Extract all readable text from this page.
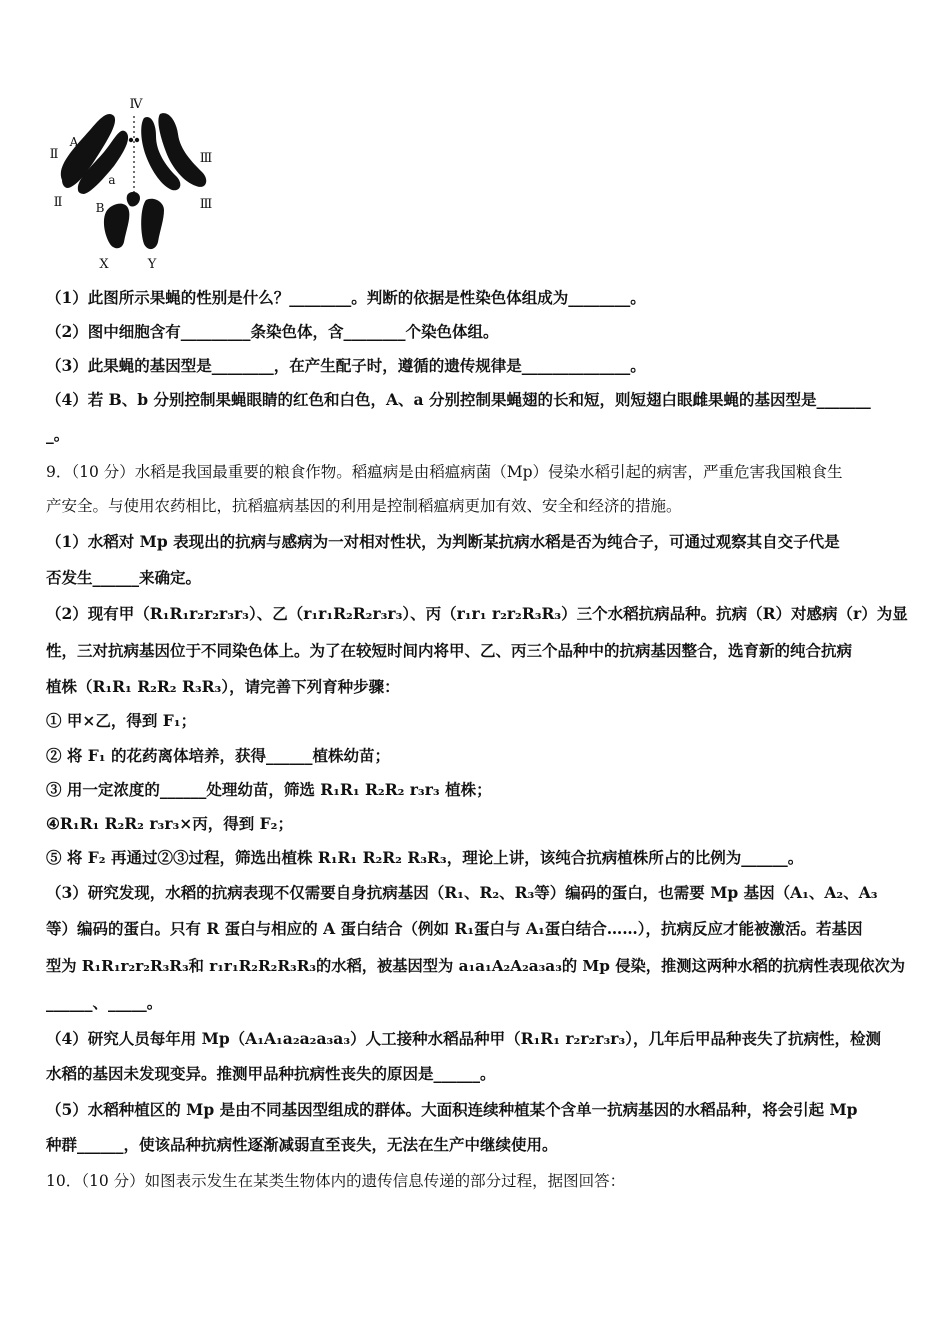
Ⅳ
Ⅱ
A
a
Ⅱ	B
Ⅲ
Ⅲ
X	Y
（1）此图所示果蝇的性别是什么？________。判断的依据是性染色体组成为________。
（2）图中细胞含有_________条染色体，含________个染色体组。
（3）此果蝇的基因型是________，在产生配子时，遵循的遗传规律是______________。
（4）若 B、b 分别控制果蝇眼睛的红色和白色，A、a 分别控制果蝇翅的长和短，则短翅白眼雌果蝇的基因型是_______
_。
9．（10 分）水稻是我国最重要的粮食作物。稻瘟病是由稻瘟病菌（Mp）侵染水稻引起的病害，严重危害我国粮食生
产安全。与使用农药相比，抗稻瘟病基因的利用是控制稻瘟病更加有效、安全和经济的措施。
（1）水稻对 Mp 表现出的抗病与感病为一对相对性状，为判断某抗病水稻是否为纯合子，可通过观察其自交子代是
否发生______来确定。
（2）现有甲（R₁R₁r₂r₂r₃r₃）、乙（r₁r₁R₂R₂r₃r₃）、丙（r₁r₁ r₂r₂R₃R₃）三个水稻抗病品种。抗病（R）对感病（r）为显
性，三对抗病基因位于不同染色体上。为了在较短时间内将甲、乙、丙三个品种中的抗病基因整合，选育新的纯合抗病
植株（R₁R₁ R₂R₂ R₃R₃），请完善下列育种步骤：
① 甲×乙，得到 F₁；
② 将 F₁ 的花药离体培养，获得______植株幼苗；
③ 用一定浓度的______处理幼苗，筛选 R₁R₁ R₂R₂ r₃r₃ 植株；
④R₁R₁ R₂R₂ r₃r₃×丙，得到 F₂；
⑤ 将 F₂ 再通过②③过程，筛选出植株 R₁R₁ R₂R₂ R₃R₃，理论上讲，该纯合抗病植株所占的比例为______。
（3）研究发现，水稻的抗病表现不仅需要自身抗病基因（R₁、R₂、R₃等）编码的蛋白，也需要 Mp 基因（A₁、A₂、A₃
等）编码的蛋白。只有 R 蛋白与相应的 A 蛋白结合（例如 R₁蛋白与 A₁蛋白结合……），抗病反应才能被激活。若基因
型为 R₁R₁r₂r₂R₃R₃和 r₁r₁R₂R₂R₃R₃的水稻，被基因型为 a₁a₁A₂A₂a₃a₃的 Mp 侵染，推测这两种水稻的抗病性表现依次为
______、_____。
（4）研究人员每年用 Mp（A₁A₁a₂a₂a₃a₃）人工接种水稻品种甲（R₁R₁ r₂r₂r₃r₃），几年后甲品种丧失了抗病性，检测
水稻的基因未发现变异。推测甲品种抗病性丧失的原因是______。
（5）水稻种植区的 Mp 是由不同基因型组成的群体。大面积连续种植某个含单一抗病基因的水稻品种，将会引起 Mp
种群______，使该品种抗病性逐渐减弱直至丧失，无法在生产中继续使用。
10．（10 分）如图表示发生在某类生物体内的遗传信息传递的部分过程，据图回答：
